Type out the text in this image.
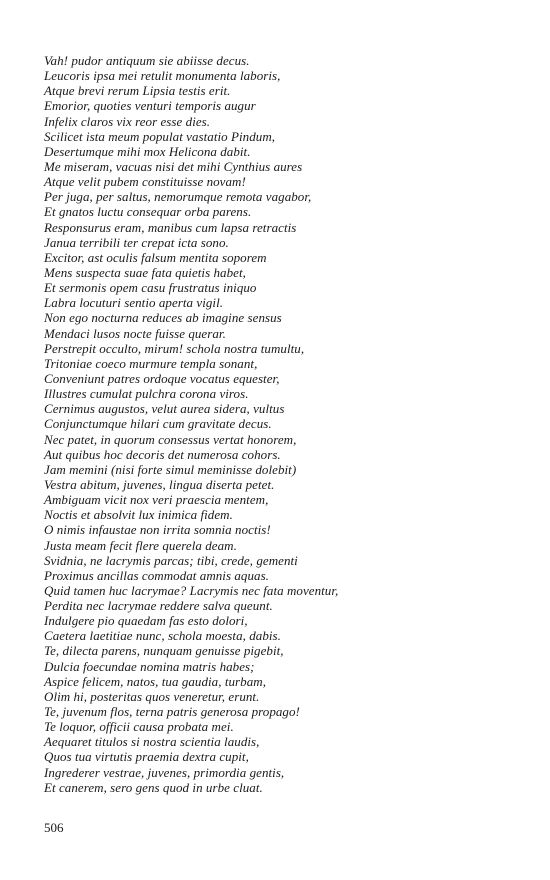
Vah! pudor antiquum sie abiisse decus.
Leucoris ipsa mei retulit monumenta laboris,
Atque brevi rerum Lipsia testis erit.
Emorior, quoties venturi temporis augur
Infelix claros vix reor esse dies.
Scilicet ista meum populat vastatio Pindum,
Desertumque mihi mox Helicona dabit.
Me miseram, vacuas nisi det mihi Cynthius aures
Atque velit pubem constituisse novam!
Per juga, per saltus, nemorumque remota vagabor,
Et gnatos luctu consequar orba parens.
Responsurus eram, manibus cum lapsa retractis
Janua terribili ter crepat icta sono.
Excitor, ast oculis falsum mentita soporem
Mens suspecta suae fata quietis habet,
Et sermonis opem casu frustratus iniquo
Labra locuturi sentio aperta vigil.
Non ego nocturna reduces ab imagine sensus
Mendaci lusos nocte fuisse querar.
Perstrepit occulto, mirum! schola nostra tumultu,
Tritoniae coeco murmure templa sonant,
Conveniunt patres ordoque vocatus equester,
Illustres cumulat pulchra corona viros.
Cernimus augustos, velut aurea sidera, vultus
Conjunctumque hilari cum gravitate decus.
Nec patet, in quorum consessus vertat honorem,
Aut quibus hoc decoris det numerosa cohors.
Jam memini (nisi forte simul meminisse dolebit)
Vestra abitum, juvenes, lingua diserta petet.
Ambiguam vicit nox veri praescia mentem,
Noctis et absolvit lux inimica fidem.
O nimis infaustae non irrita somnia noctis!
Justa meam fecit flere querela deam.
Svidnia, ne lacrymis parcas; tibi, crede, gementi
Proximus ancillas commodat amnis aquas.
Quid tamen huc lacrymae? Lacrymis nec fata moventur,
Perdita nec lacrymae reddere salva queunt.
Indulgere pio quaedam fas esto dolori,
Caetera laetitiae nunc, schola moesta, dabis.
Te, dilecta parens, nunquam genuisse pigebit,
Dulcia foecundae nomina matris habes;
Aspice felicem, natos, tua gaudia, turbam,
Olim hi, posteritas quos veneretur, erunt.
Te, juvenum flos, terna patris generosa propago!
Te loquor, officii causa probata mei.
Aequaret titulos si nostra scientia laudis,
Quos tua virtutis praemia dextra cupit,
Ingrederer vestrae, juvenes, primordia gentis,
Et canerem, sero gens quod in urbe cluat.
506
